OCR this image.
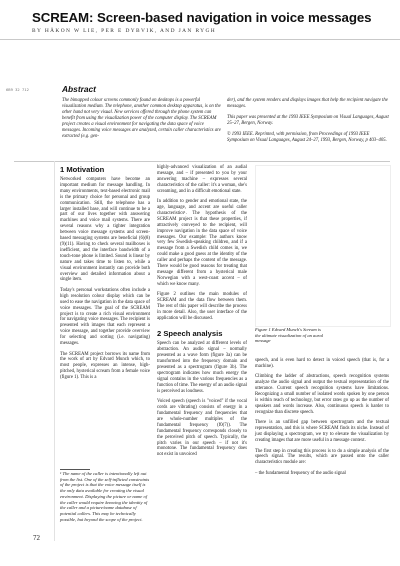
SCREAM: Screen-based navigation in voice messages
BY HÅKON W LIE, PER E DYBVIK, AND JAN RYGH
6B9 32 712	Abstract

The bimapped colour screens commonly found on desktops is a powerful visualization medium. The telephone, another common desktop apparatus, is on the other hand not very visual. New services offered through the phone system can benefit from using the visualization power of the computer display. The SCREAM project creates a visual environment for navigating the data space of voice messages. Incoming voice messages are analyzed, certain caller characteristics are extracted (e.g. gen-

der), and the system renders and displays images that help the recipient navigate the messages.

This paper was presented at the 1993 IEEE Symposium on Visual Languages, August 25–27, Bergen, Norway.

© 1993 IEEE. Reprinted, with permission, from Proceedings of 1993 IEEE Symposium on Visual Languages, August 24–27, 1993, Bergen, Norway, p 403–405.

1 Motivation

Networked computers have become an important medium for message handling. In many environments, text-based electronic mail is the primary choice for personal and group communication. Still, the telephone has a larger installed base, and will continue to be a part of our lives together with answering machines and voice mail systems. There are several reasons why a tighter integration between voice message systems and screen-based messaging systems are beneficial (6)(8)(9)(11). Having to check several mailboxes is inefficient, and the interface bandwidth of a touch-tone phone is limited. Sound is linear by nature and takes time to listen to, while a visual environment instantly can provide both overview and detailed information about a single item.

Today's personal workstations often include a high resolution colour display which can be used to ease the navigation in the data space of voice messages. The goal of the SCREAM project is to create a rich visual environment for navigating voice messages. The recipient is presented with images that each represent a voice message, and together provide overview for selecting and sorting (i.e. navigating) messages.

The SCREAM project borrows its name from the work of art by Edvard Munch which, to most people, expresses an intense, high-pitched, hysterical scream from a female voice (figure 1). This is a

¹ The name of the caller is intentionally left out from the list. One of the self-inflicted constraints of the project is that the voice message itself is the only data available for creating the visual environment. Displaying the picture or name of the caller would require knowing the identity of the caller and a picture/name database of potential callers. This may be technically possible, but beyond the scope of the project.

highly-advanced visualization of an audial message, and – if presented to you by your answering machine – expresses several characteristics of the caller: it's a woman, she's screaming, and in a difficult emotional state.

In addition to gender and emotional state, the age, language, and accent are useful caller characteristics¹. The hypothesis of the SCREAM project is that these properties, if attractively conveyed to the recipient, will improve navigation in the data space of voice messages. Our example: The authors know very few Swedish-speaking children, and if a message from a Swedish child comes in, we could make a good guess at the identity of the caller and perhaps the content of the message. There would be good reasons for treating that message different from a hysterical male Norwegian with a west-coast accent – of which we know many.

Figure 2 outlines the main modules of SCREAM and the data flow between them. The rest of this paper will describe the process in more detail. Also, the user interface of the application will be discussed.

2 Speech analysis

Speech can be analyzed at different levels of abstraction. An audio signal – normally presented as a wave form (figure 3a) can be transformed into the frequency domain and presented as a spectrogram (figure 3b). The spectrogram indicates how much energy the signal contains in the various frequencies as a function of time. The energy of an audio signal is perceived as loudness.

Voiced speech (speech is "voiced" if the vocal cords are vibrating) consists of energy in a fundamental frequency and frequencies that are whole-number multiples of the fundamental frequency (f0(7)). The fundamental frequency corresponds closely to the perceived pitch of speech. Typically, the pitch varies in our speech – if not it's monotone. The fundamental frequency does not exist in unvoiced

Figure 1 Edvard Munch's Scream is the ultimate visualization of an aural message

speech, and is even hard to detect in voiced speech (that is, for a machine).

Climbing the ladder of abstractions, speech recognition systems analyze the audio signal and output the textual representation of the utterance. Current speech recognition systems have limitations. Recognizing a small number of isolated words spoken by one person is within reach of technology, but error rates go up as the number of speakers and words increase. Also, continuous speech is harder to recognize than discrete speech.

There is an unfilled gap between spectrogram and the textual representation, and this is where SCREAM finds its niche. Instead of just displaying a spectrogram, we try to elevate the visualization by creating images that are more useful in a message context.

The first step in creating this process is to do a simple analysis of the speech signal. The results, which are passed onto the caller characteristics module are:

– the fundamental frequency of the audio signal

72
